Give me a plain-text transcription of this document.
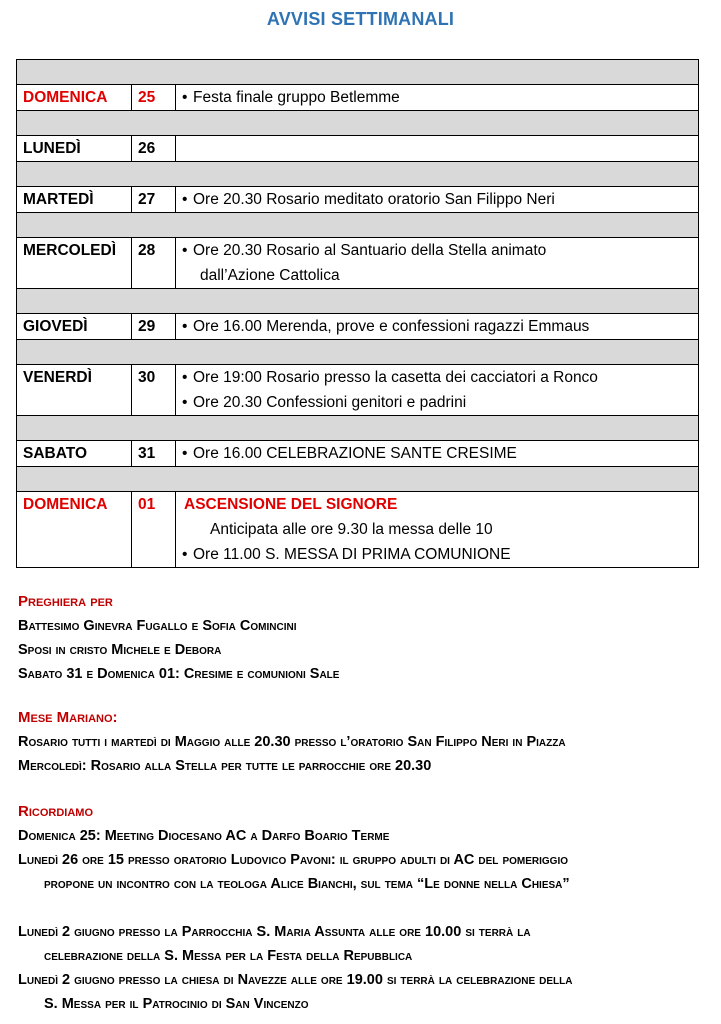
AVVISI SETTIMANALI

DOMENICA	25	• Festa finale gruppo Betlemme

LUNEDÌ	26	

MARTEDÌ	27	• Ore 20.30 Rosario meditato oratorio San Filippo Neri

MERCOLEDÌ	28	• Ore 20.30 Rosario al Santuario della Stella animato
dall’Azione Cattolica

GIOVEDÌ	29	• Ore 16.00 Merenda, prove e confessioni ragazzi Emmaus

VENERDÌ	30	• Ore 19:00 Rosario presso la casetta dei cacciatori a Ronco
• Ore 20.30 Confessioni genitori e padrini

SABATO	31	• Ore 16.00 CELEBRAZIONE SANTE CRESIME

DOMENICA	01	ASCENSIONE DEL SIGNORE
Anticipata alle ore 9.30 la messa delle 10
• Ore 11.00 S. MESSA DI PRIMA COMUNIONE
Preghiera per
Battesimo Ginevra Fugallo e Sofia Comincini
Sposi in cristo Michele e Debora
Sabato 31 e Domenica 01: Cresime e comunioni Sale
Mese Mariano:
Rosario tutti i martedì di Maggio alle 20.30 presso l’oratorio San Filippo Neri in Piazza
Mercoledì: Rosario alla Stella per tutte le parrocchie ore 20.30
Ricordiamo
Domenica 25: Meeting Diocesano AC a Darfo Boario Terme
Lunedì 26 ore 15 presso oratorio Ludovico Pavoni: il gruppo adulti di AC del pomeriggio
propone un incontro con la teologa Alice Bianchi, sul tema “Le donne nella Chiesa”
Lunedì 2 giugno presso la Parrocchia S. Maria Assunta alle ore 10.00 si terrà la
celebrazione della S. Messa per la Festa della Repubblica
Lunedì 2 giugno presso la chiesa di Navezze alle ore 19.00 si terrà la celebrazione della
S. Messa per il Patrocinio di San Vincenzo
